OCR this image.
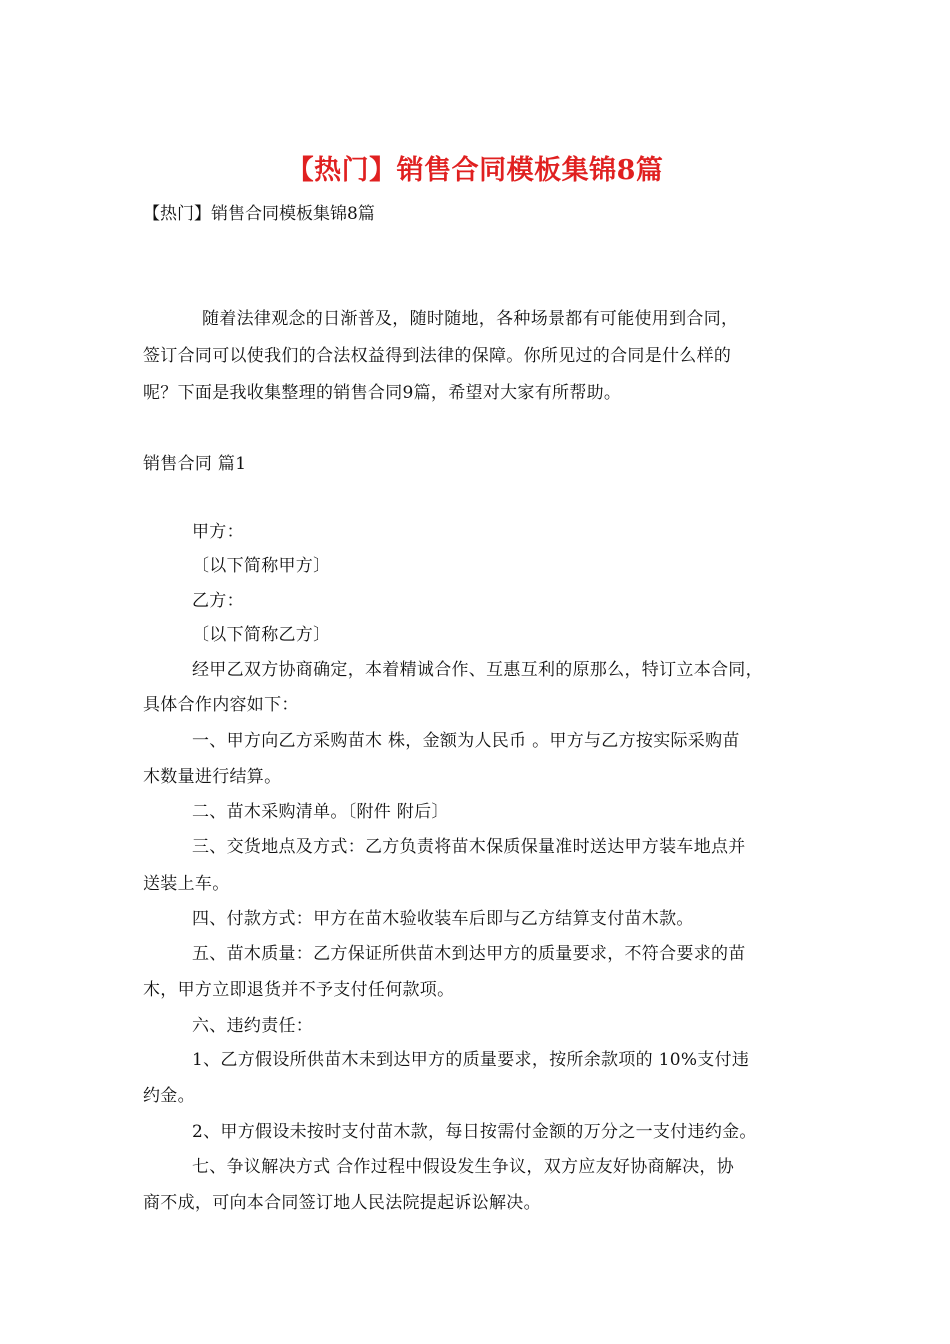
【热门】销售合同模板集锦8篇
【热门】销售合同模板集锦8篇
随着法律观念的日渐普及，随时随地，各种场景都有可能使用到合同，
签订合同可以使我们的合法权益得到法律的保障。你所见过的合同是什么样的
呢？下面是我收集整理的销售合同9篇，希望对大家有所帮助。
销售合同 篇1
甲方：
〔以下简称甲方〕
乙方：
〔以下简称乙方〕
经甲乙双方协商确定，本着精诚合作、互惠互利的原那么，特订立本合同，
具体合作内容如下：
一、甲方向乙方采购苗木 株，金额为人民币 。甲方与乙方按实际采购苗
木数量进行结算。
二、苗木采购清单。〔附件 附后〕
三、交货地点及方式：乙方负责将苗木保质保量准时送达甲方装车地点并
送装上车。
四、付款方式：甲方在苗木验收装车后即与乙方结算支付苗木款。
五、苗木质量：乙方保证所供苗木到达甲方的质量要求，不符合要求的苗
木，甲方立即退货并不予支付任何款项。
六、违约责任：
1、乙方假设所供苗木未到达甲方的质量要求，按所余款项的 10%支付违
约金。
2、甲方假设未按时支付苗木款，每日按需付金额的万分之一支付违约金。
七、争议解决方式 合作过程中假设发生争议，双方应友好协商解决，协
商不成，可向本合同签订地人民法院提起诉讼解决。
